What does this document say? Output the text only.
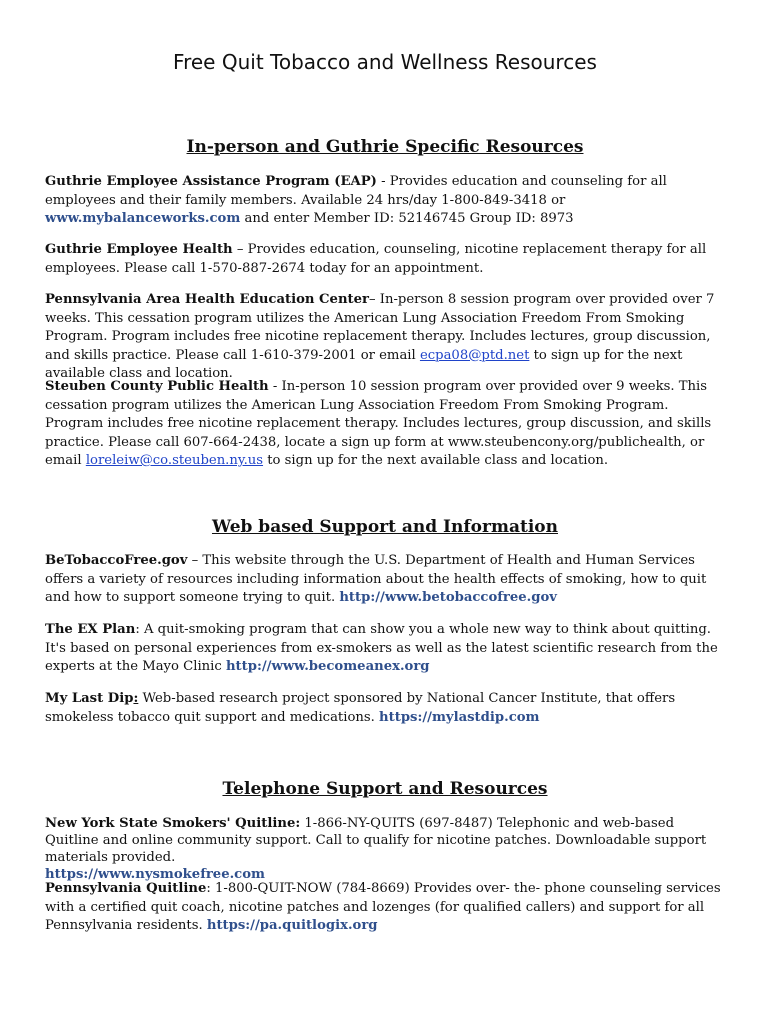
Free Quit Tobacco and Wellness Resources
In-person and Guthrie Specific Resources
Guthrie Employee Assistance Program (EAP) - Provides education and counseling for all employees and their family members. Available 24 hrs/day 1-800-849-3418 or www.mybalanceworks.com and enter Member ID: 52146745 Group ID: 8973
Guthrie Employee Health – Provides education, counseling, nicotine replacement therapy for all employees. Please call 1-570-887-2674 today for an appointment.
Pennsylvania Area Health Education Center– In-person 8 session program over provided over 7 weeks. This cessation program utilizes the American Lung Association Freedom From Smoking Program. Program includes free nicotine replacement therapy. Includes lectures, group discussion, and skills practice. Please call 1-610-379-2001 or email ecpa08@ptd.net to sign up for the next available class and location.
Steuben County Public Health - In-person 10 session program over provided over 9 weeks. This cessation program utilizes the American Lung Association Freedom From Smoking Program. Program includes free nicotine replacement therapy. Includes lectures, group discussion, and skills practice. Please call 607-664-2438, locate a sign up form at www.steubencony.org/publichealth, or email loreleiw@co.steuben.ny.us to sign up for the next available class and location.
Web based Support and Information
BeTobaccoFree.gov – This website through the U.S. Department of Health and Human Services offers a variety of resources including information about the health effects of smoking, how to quit and how to support someone trying to quit. http://www.betobaccofree.gov
The EX Plan: A quit-smoking program that can show you a whole new way to think about quitting. It's based on personal experiences from ex-smokers as well as the latest scientific research from the experts at the Mayo Clinic http://www.becomeanex.org
My Last Dip: Web-based research project sponsored by National Cancer Institute, that offers smokeless tobacco quit support and medications. https://mylastdip.com
Telephone Support and Resources
New York State Smokers' Quitline: 1-866-NY-QUITS (697-8487) Telephonic and web-based Quitline and online community support. Call to qualify for nicotine patches. Downloadable support materials provided.
https://www.nysmokefree.com
Pennsylvania Quitline: 1-800-QUIT-NOW (784-8669) Provides over- the- phone counseling services with a certified quit coach, nicotine patches and lozenges (for qualified callers) and support for all Pennsylvania residents. https://pa.quitlogix.org
